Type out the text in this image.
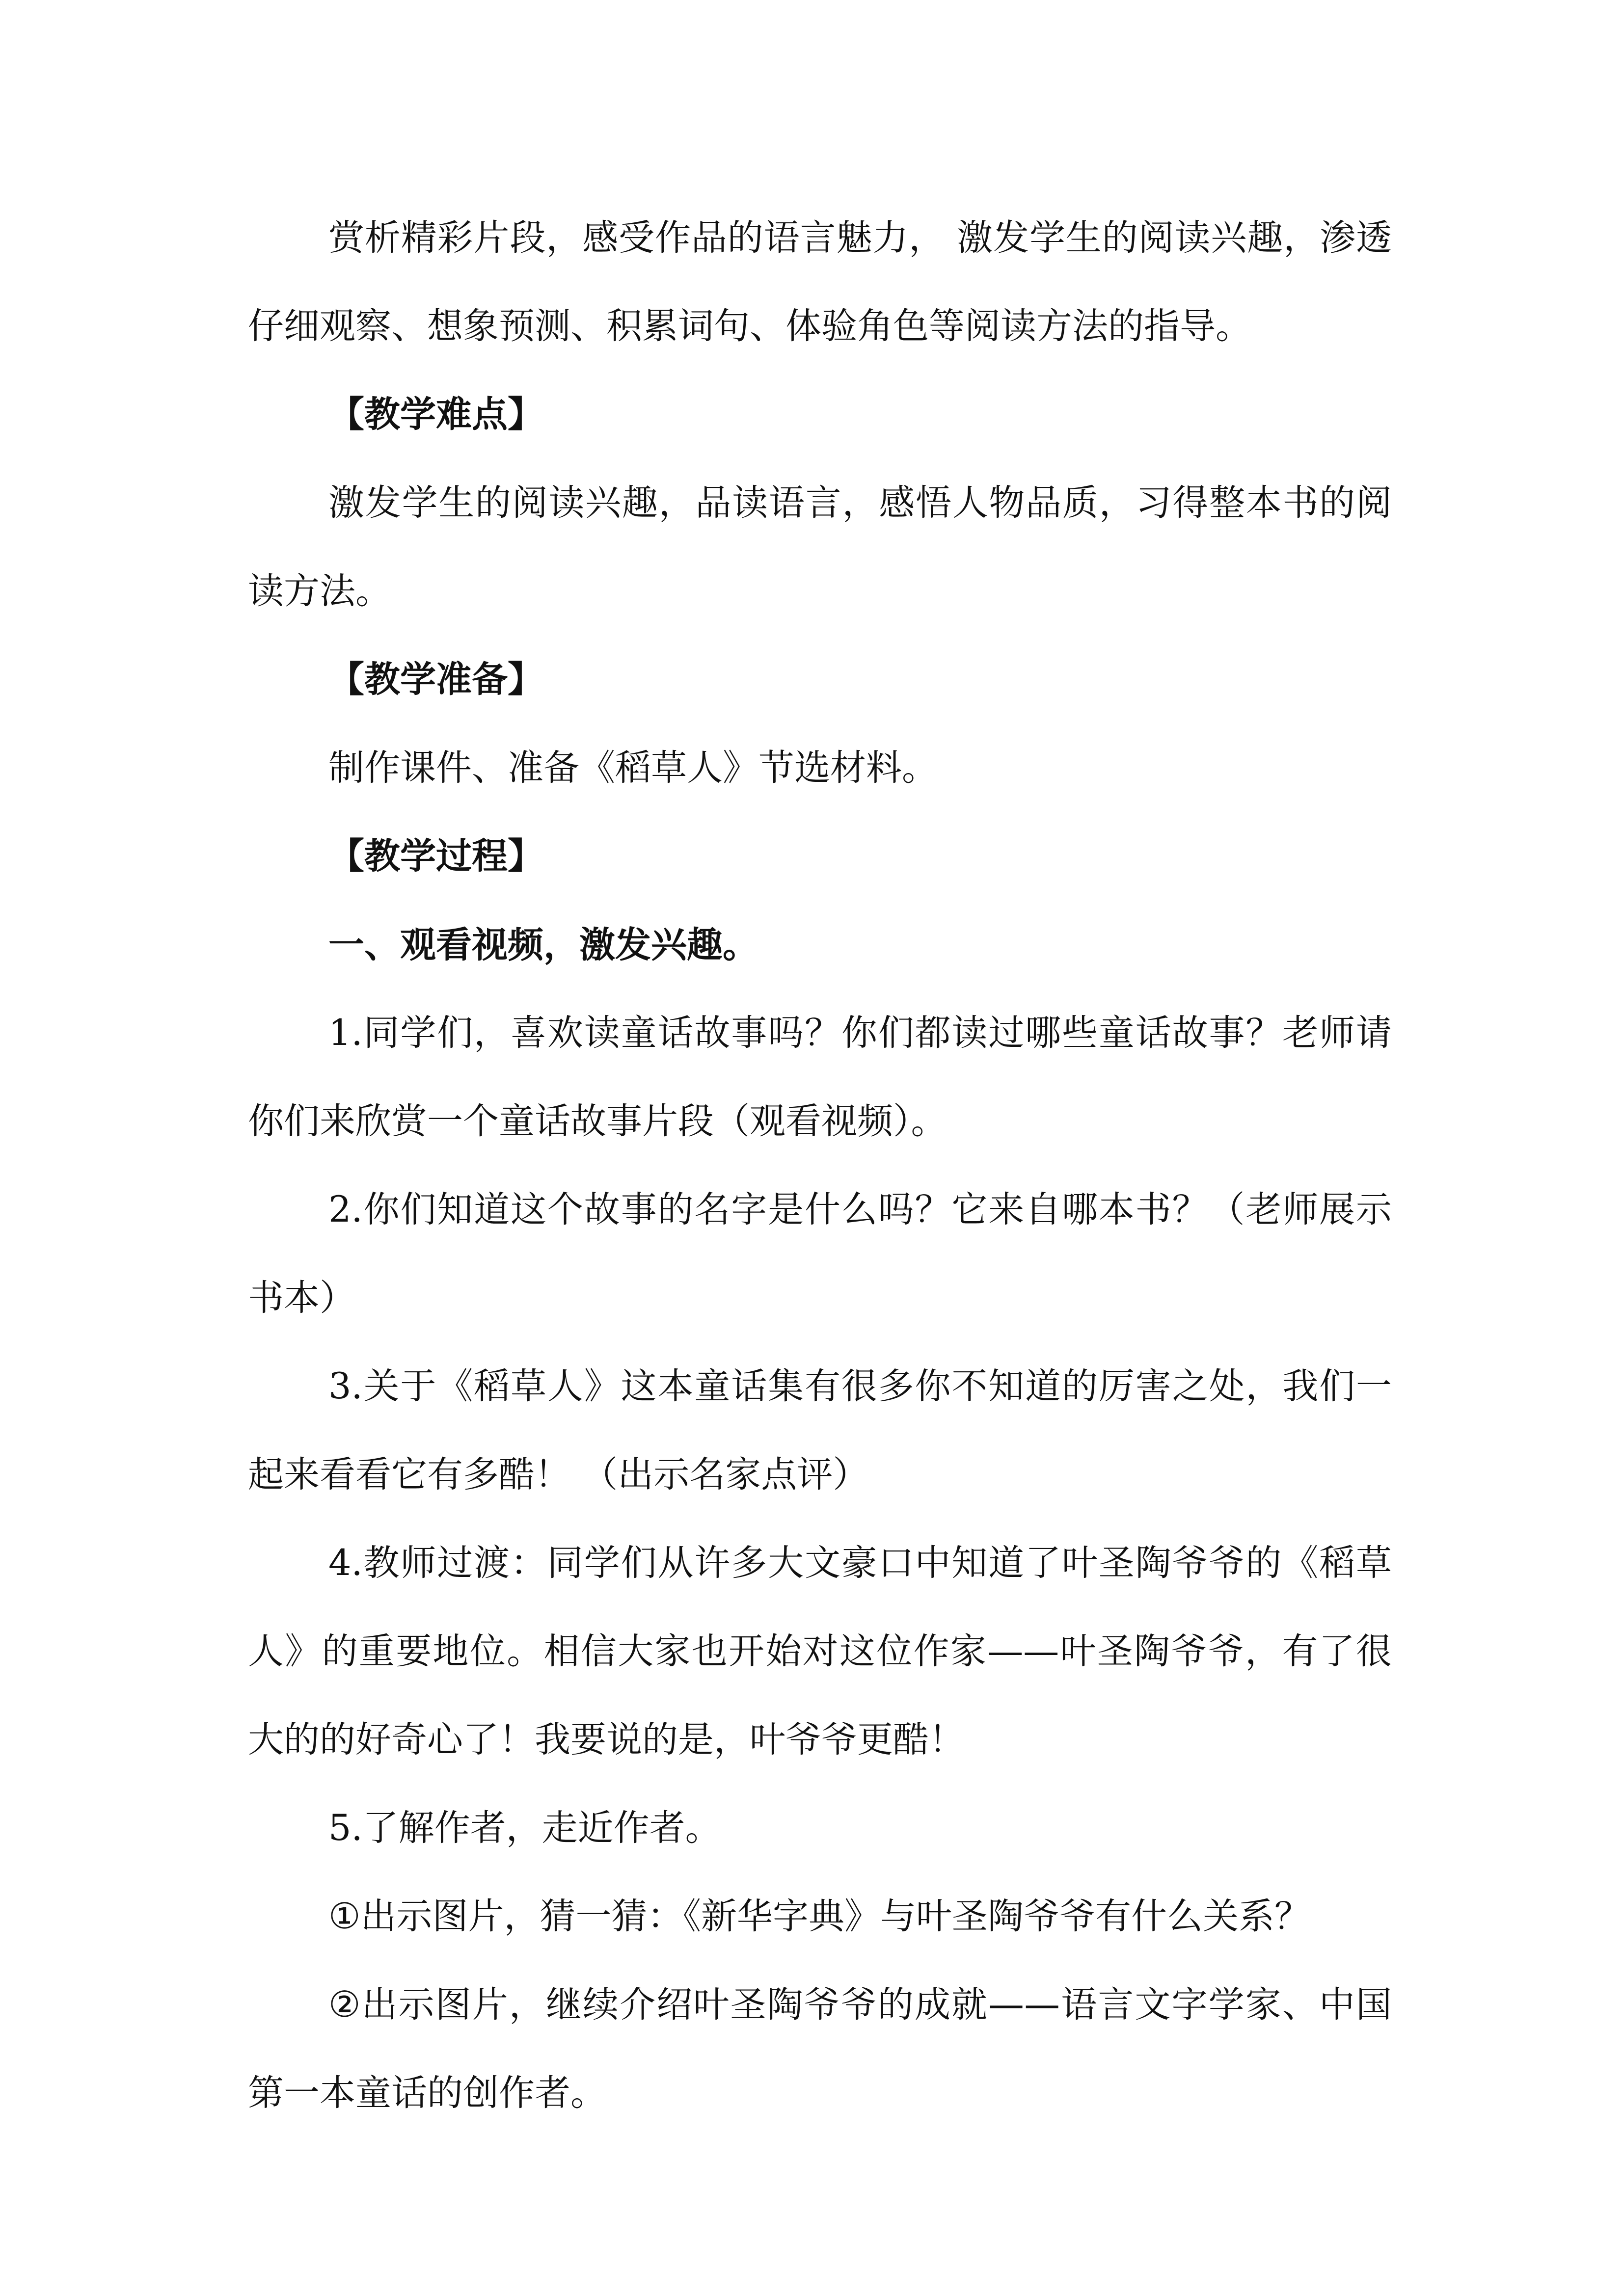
赏析精彩片段，感受作品的语言魅力， 激发学生的阅读兴趣，渗透仔细观察、想象预测、积累词句、体验角色等阅读方法的指导。

【教学难点】

激发学生的阅读兴趣，品读语言，感悟人物品质，习得整本书的阅读方法。

【教学准备】

制作课件、准备《稻草人》节选材料。

【教学过程】

一、观看视频，激发兴趣。

1.同学们，喜欢读童话故事吗？你们都读过哪些童话故事？老师请你们来欣赏一个童话故事片段（观看视频）。

2.你们知道这个故事的名字是什么吗？它来自哪本书？（老师展示书本）

3.关于《稻草人》这本童话集有很多你不知道的厉害之处，我们一起来看看它有多酷！ （出示名家点评）

4.教师过渡：同学们从许多大文豪口中知道了叶圣陶爷爷的《稻草人》的重要地位。相信大家也开始对这位作家——叶圣陶爷爷，有了很大的的好奇心了！我要说的是，叶爷爷更酷！

5.了解作者，走近作者。

①出示图片，猜一猜：《新华字典》与叶圣陶爷爷有什么关系？

②出示图片，继续介绍叶圣陶爷爷的成就——语言文字学家、中国第一本童话的创作者。
